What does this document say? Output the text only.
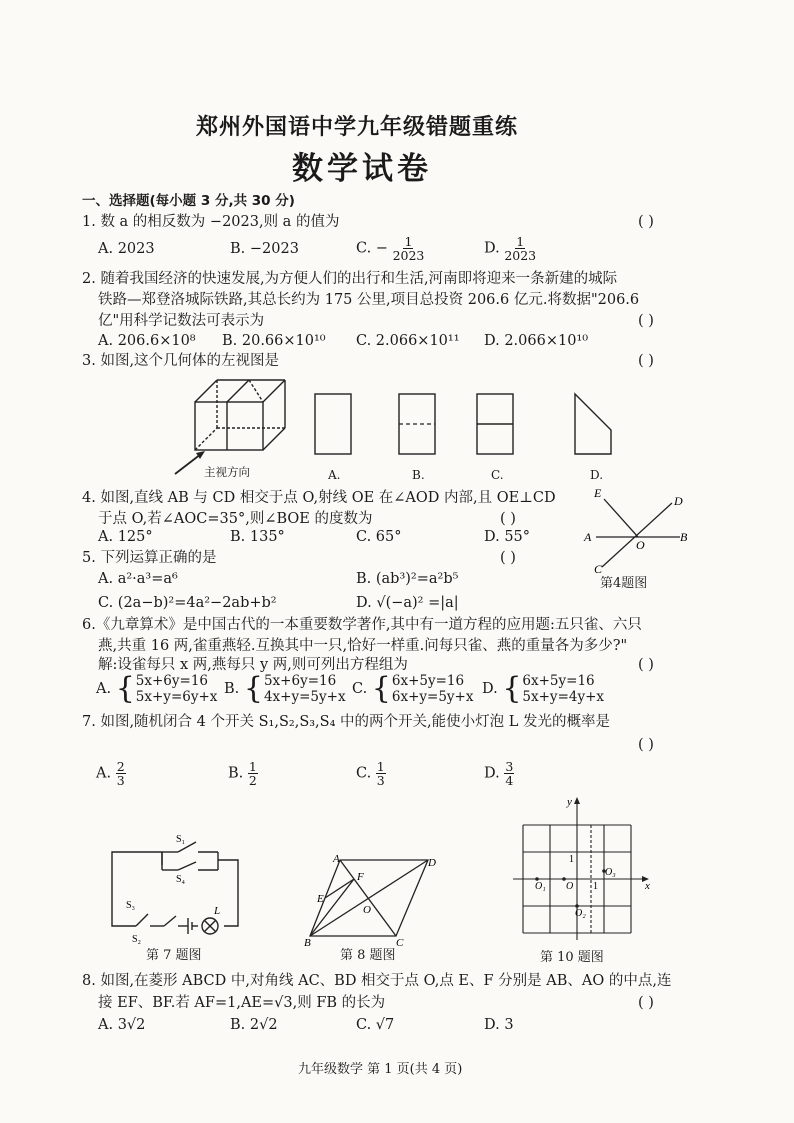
郑州外国语中学九年级错题重练
数学试卷
一、选择题(每小题 3 分,共 30 分)
1. 数 a 的相反数为 −2023,则 a 的值为	( )
A. 2023	B. −2023	C. − $\frac{1}{2023}$	D. $\frac{1}{2023}$
2. 随着我国经济的快速发展,为方便人们的出行和生活,河南即将迎来一条新建的城际
铁路—郑登洛城际铁路,其总长约为 175 公里,项目总投资 206.6 亿元.将数据"206.6
亿"用科学记数法可表示为	( )
A. 206.6×10⁸ B. 20.66×10¹⁰ C. 2.066×10¹¹ D. 2.066×10¹⁰
3. 如图,这个几何体的左视图是	( )
主视方向	A.	B.	C.	D.
4. 如图,直线 AB 与 CD 相交于点 O,射线 OE 在∠AOD 内部,且 OE⊥CD
于点 O,若∠AOC=35°,则∠BOE 的度数为	( )
A. 125°	B. 135°	C. 65°	D. 55°
E
D
A
O
B
C
第4题图
5. 下列运算正确的是	( )
A. a²·a³=a⁶	B. (ab³)²=a²b⁵
C. (2a−b)²=4a²−2ab+b²	D. √(−a)² =|a|
6.《九章算术》是中国古代的一本重要数学著作,其中有一道方程的应用题:五只雀、六只
燕,共重 16 两,雀重燕轻.互换其中一只,恰好一样重.问每只雀、燕的重量各为多少?"
解:设雀每只 x 两,燕每只 y 两,则可列出方程组为	( )
A. { 5x+6y=16
5x+y=6y+x B. { 5x+6y=16
4x+y=5y+x C. { 6x+5y=16
6x+y=5y+x D. { 6x+5y=16
5x+y=4y+x
7. 如图,随机闭合 4 个开关 S₁,S₂,S₃,S₄ 中的两个开关,能使小灯泡 L 发光的概率是
( )
A. $\frac{2}{3}$	B. $\frac{1}{2}$	C. $\frac{1}{3}$	D. $\frac{3}{4}$
S₁
S₄
S₃
S₂
L
第 7 题图
A	D
F
E
O
B	C
第 8 题图
y
x
1
1
O₁ O
O₃
O₂
第 10 题图
8. 如图,在菱形 ABCD 中,对角线 AC、BD 相交于点 O,点 E、F 分别是 AB、AO 的中点,连
接 EF、BF.若 AF=1,AE=√3,则 FB 的长为	( )
A. 3√2	B. 2√2	C. √7	D. 3
九年级数学 第 1 页(共 4 页)
